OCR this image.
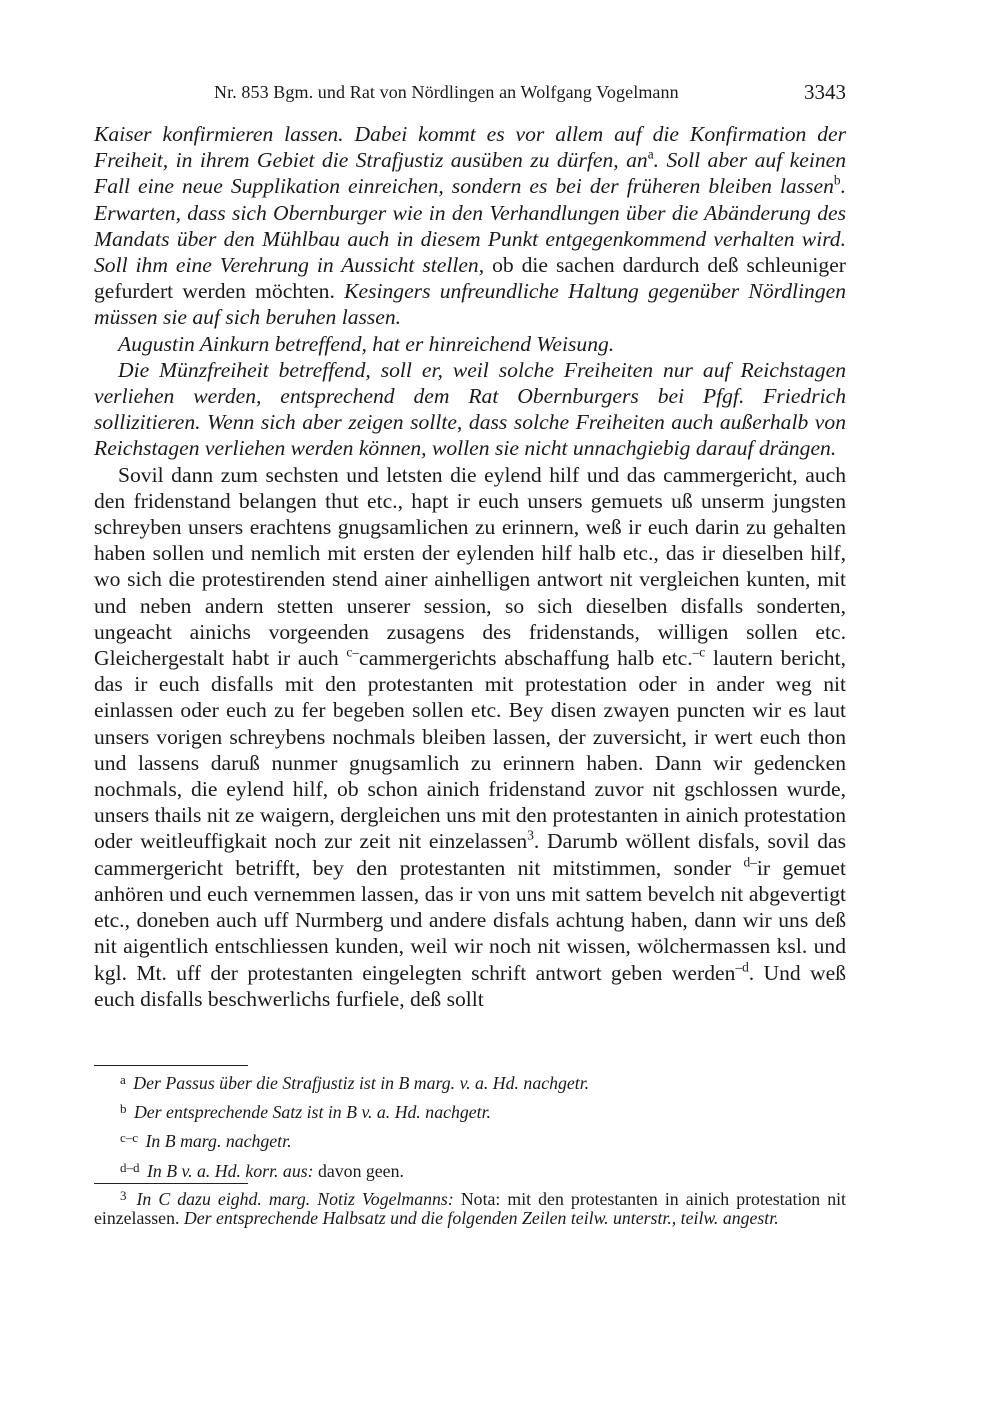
Nr. 853 Bgm. und Rat von Nördlingen an Wolfgang Vogelmann	3343

Kaiser konfirmieren lassen. Dabei kommt es vor allem auf die Konfirmation der Freiheit, in ihrem Gebiet die Strafjustiz ausüben zu dürfen, $an^a$. Soll aber auf keinen Fall eine neue Supplikation einreichen, sondern es bei der früheren bleiben lassen$^b$. Erwarten, dass sich Obernburger wie in den Verhandlungen über die Abänderung des Mandats über den Mühlbau auch in diesem Punkt entgegenkommend verhalten wird. Soll ihm eine Verehrung in Aussicht stellen, ob die sachen dardurch deß schleuniger gefurdert werden möchten. Kesingers unfreundliche Haltung gegenüber Nördlingen müssen sie auf sich beruhen lassen.

Augustin Ainkurn betreffend, hat er hinreichend Weisung.

Die Münzfreiheit betreffend, soll er, weil solche Freiheiten nur auf Reichstagen verliehen werden, entsprechend dem Rat Obernburgers bei Pfgf. Friedrich sollizitieren. Wenn sich aber zeigen sollte, dass solche Freiheiten auch außerhalb von Reichstagen verliehen werden können, wollen sie nicht unnachgiebig darauf drängen.

Sovil dann zum sechsten und letsten die eylend hilf und das cammergericht, auch den fridenstand belangen thut etc., hapt ir euch unsers gemuets uß unserm jungsten schreyben unsers erachtens gnugsamlichen zu erinnern, weß ir euch darin zu gehalten haben sollen und nemlich mit ersten der eylenden hilf halb etc., das ir dieselben hilf, wo sich die protestirenden stend ainer ainhelligen antwort nit vergleichen kunten, mit und neben andern stetten unserer session, so sich dieselben disfalls sonderten, ungeacht ainichs vorgeenden zusagens des fridenstands, willigen sollen etc. Gleichergestalt habt ir auch $^{c-}$cammergerichts abschaffung halb etc.$^{-c}$ lautern bericht, das ir euch disfalls mit den protestanten mit protestation oder in ander weg nit einlassen oder euch zu fer begeben sollen etc. Bey disen zwayen puncten wir es laut unsers vorigen schreybens nochmals bleiben lassen, der zuversicht, ir wert euch thon und lassens daruß nunmer gnugsamlich zu erinnern haben. Dann wir gedencken nochmals, die eylend hilf, ob schon ainich fridenstand zuvor nit gschlossen wurde, unsers thails nit ze waigern, dergleichen uns mit den protestanten in ainich protestation oder weitleuffigkait noch zur zeit nit einzelassen$^3$. Darumb wöllent disfals, sovil das cammergericht betrifft, bey den protestanten nit mitstimmen, sonder $^{d-}$ir gemuet anhören und euch vernemmen lassen, das ir von uns mit sattem bevelch nit abgevertigt etc., doneben auch uff Nurmberg und andere disfals achtung haben, dann wir uns deß nit aigentlich entschliessen kunden, weil wir noch nit wissen, wölchermassen ksl. und kgl. Mt. uff der protestanten eingelegten schrift antwort geben werden$^{-d}$. Und weß euch disfalls beschwerlichs furfiele, deß sollt

a Der Passus über die Strafjustiz ist in B marg. v. a. Hd. nachgetr.
b Der entsprechende Satz ist in B v. a. Hd. nachgetr.
c–c In B marg. nachgetr.
d–d In B v. a. Hd. korr. aus: davon geen.
$^3$ In C dazu eighd. marg. Notiz Vogelmanns: Nota: mit den protestanten in ainich protestation nit einzelassen. Der entsprechende Halbsatz und die folgenden Zeilen teilw. unterstr., teilw. angestr.
